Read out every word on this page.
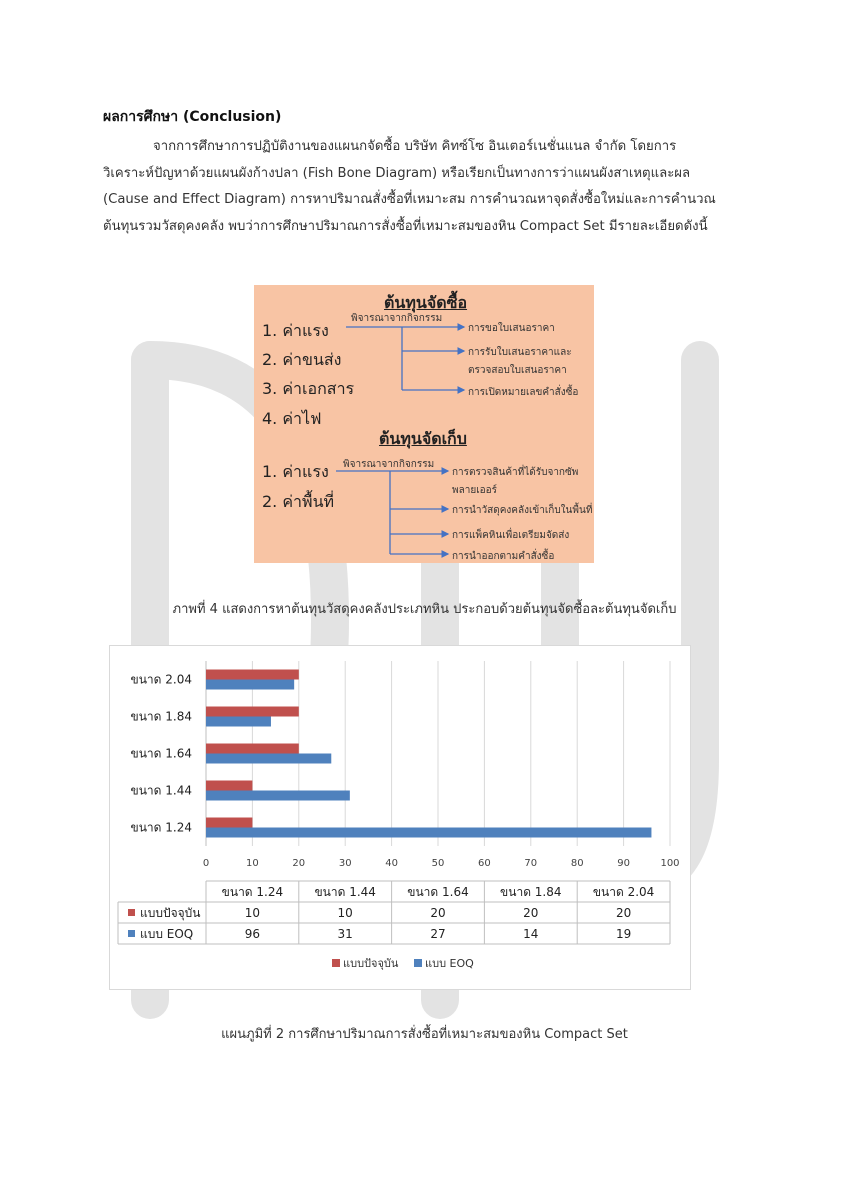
ผลการศึกษา (Conclusion)

จากการศึกษาการปฏิบัติงานของแผนกจัดซื้อ บริษัท คิทซ์โซ อินเตอร์เนชั่นแนล จำกัด โดยการ

วิเคราะห์ปัญหาด้วยแผนผังก้างปลา (Fish Bone Diagram) หรือเรียกเป็นทางการว่าแผนผังสาเหตุและผล

(Cause and Effect Diagram) การหาปริมาณสั่งซื้อที่เหมาะสม การคำนวณหาจุดสั่งซื้อใหม่และการคำนวณ

ต้นทุนรวมวัสดุคงคลัง พบว่าการศึกษาปริมาณการสั่งซื้อที่เหมาะสมของหิน Compact Set มีรายละเอียดดังนี้

ต้นทุนจัดซื้อ
1. ค่าแรง
2. ค่าขนส่ง
3. ค่าเอกสาร
4. ค่าไฟ
พิจารณาจากกิจกรรม
การขอใบเสนอราคา
การรับใบเสนอราคาและ
ตรวจสอบใบเสนอราคา
การเปิดหมายเลขคำสั่งซื้อ
ต้นทุนจัดเก็บ
1. ค่าแรง
2. ค่าพื้นที่
พิจารณาจากกิจกรรม
การตรวจสินค้าที่ได้รับจากซัพ
พลายเออร์
การนำวัสดุคงคลังเข้าเก็บในพื้นที่
การแพ็คหินเพื่อเตรียมจัดส่ง
การนำออกตามคำสั่งซื้อ
ภาพที่ 4 แสดงการหาต้นทุนวัสดุคงคลังประเภทหิน ประกอบด้วยต้นทุนจัดซื้อละต้นทุนจัดเก็บ
0	10	20	30	40	50	60	70	80	90	100
ขนาด 1.24
ขนาด 1.44
ขนาด 1.64
ขนาด 1.84
ขนาด 2.04
ขนาด 1.24	ขนาด 1.44	ขนาด 1.64	ขนาด 1.84	ขนาด 2.04
แบบปัจจุบัน	10	10	20	20	20
แบบ EOQ	96	31	27	14	19
แบบปัจจุบัน แบบ EOQ
แผนภูมิที่ 2 การศึกษาปริมาณการสั่งซื้อที่เหมาะสมของหิน Compact Set
